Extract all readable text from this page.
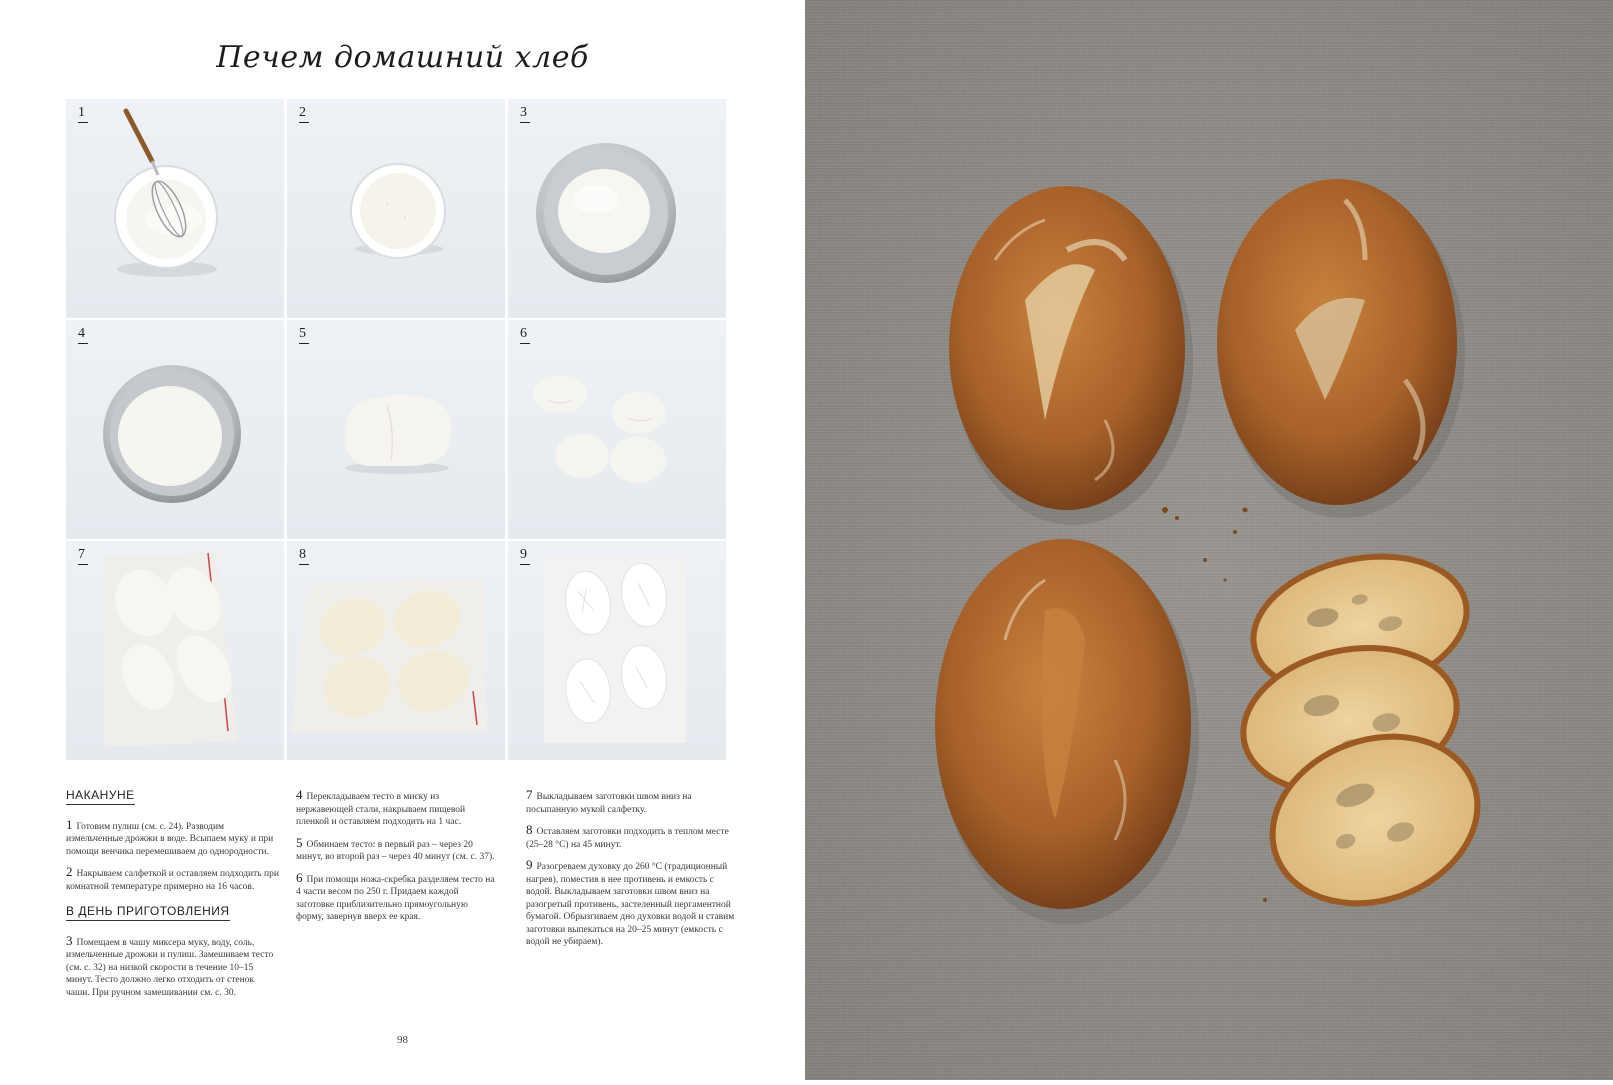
Печем домашний хлеб
1	2	3
4	5	6
7	8	9
НАКАНУНЕ
1 Готовим пулиш (см. с. 24). Разводим измельченные дрожжи в воде. Всыпаем муку и при помощи венчика перемешиваем до однородности.
2 Накрываем салфеткой и оставляем подходить при комнатной температуре примерно на 16 часов.
В ДЕНЬ ПРИГОТОВЛЕНИЯ
3 Помещаем в чашу миксера муку, воду, соль, измельченные дрожжи и пулиш. Замешиваем тесто (см. с. 32) на низкой скорости в течение 10–15 минут. Тесто должно легко отходить от стенок чаши. При ручном замешивании см. с. 30.
4 Перекладываем тесто в миску из нержавеющей стали, накрываем пищевой пленкой и оставляем подходить на 1 час.
5 Обминаем тесто: в первый раз – через 20 минут, во второй раз – через 40 минут (см. с. 37).
6 При помощи ножа-скребка разделяем тесто на 4 части весом по 250 г. Придаем каждой заготовке приблизительно прямоугольную форму, завернув вверх ее края.
7 Выкладываем заготовки швом вниз на посыпанную мукой салфетку.
8 Оставляем заготовки подходить в теплом месте (25–28 °C) на 45 минут.
9 Разогреваем духовку до 260 °C (традиционный нагрев), поместив в нее противень и емкость с водой. Выкладываем заготовки швом вниз на разогретый противень, застеленный пергаментной бумагой. Обрызгиваем дно духовки водой и ставим заготовки выпекаться на 20–25 минут (емкость с водой не убираем).
98
